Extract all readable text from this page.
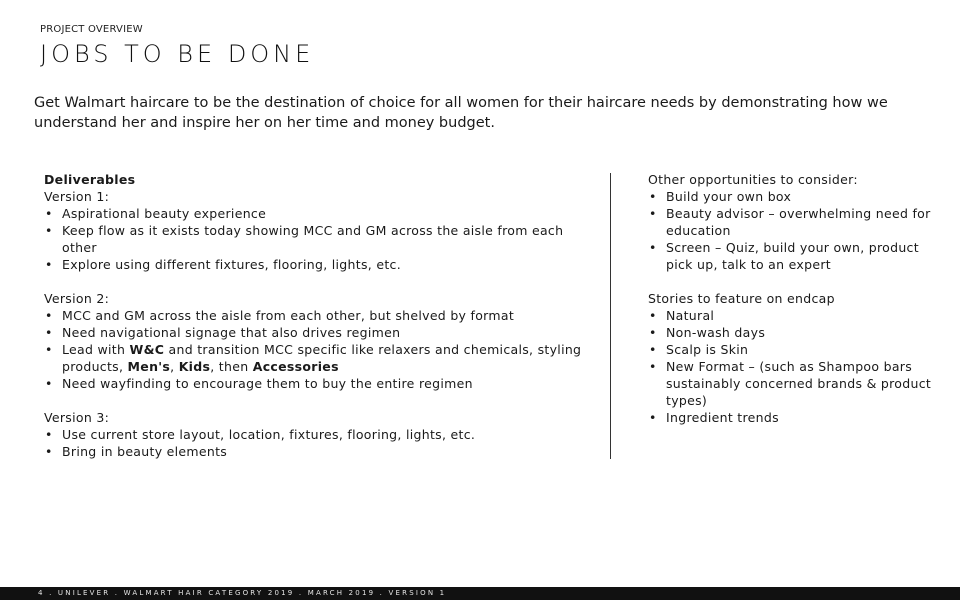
PROJECT OVERVIEW
JOBS TO BE DONE

Get Walmart haircare to be the destination of choice for all women for their haircare needs by demonstrating how we understand her and inspire her on her time and money budget.

Deliverables
Version 1:
• Aspirational beauty experience
• Keep flow as it exists today showing MCC and GM across the aisle from each other
• Explore using different fixtures, flooring, lights, etc.
Version 2:
• MCC and GM across the aisle from each other, but shelved by format
• Need navigational signage that also drives regimen
• Lead with W&C and transition MCC specific like relaxers and chemicals, styling products, Men's, Kids, then Accessories
• Need wayfinding to encourage them to buy the entire regimen
Version 3:
• Use current store layout, location, fixtures, flooring, lights, etc.
• Bring in beauty elements
Other opportunities to consider:
• Build your own box
• Beauty advisor – overwhelming need for education
• Screen – Quiz, build your own, product pick up, talk to an expert
Stories to feature on endcap
• Natural
• Non-wash days
• Scalp is Skin
• New Format – (such as Shampoo bars sustainably concerned brands & product types)
• Ingredient trends
4 . UNILEVER . WALMART HAIR CATEGORY 2019 . MARCH 2019 . VERSION 1
